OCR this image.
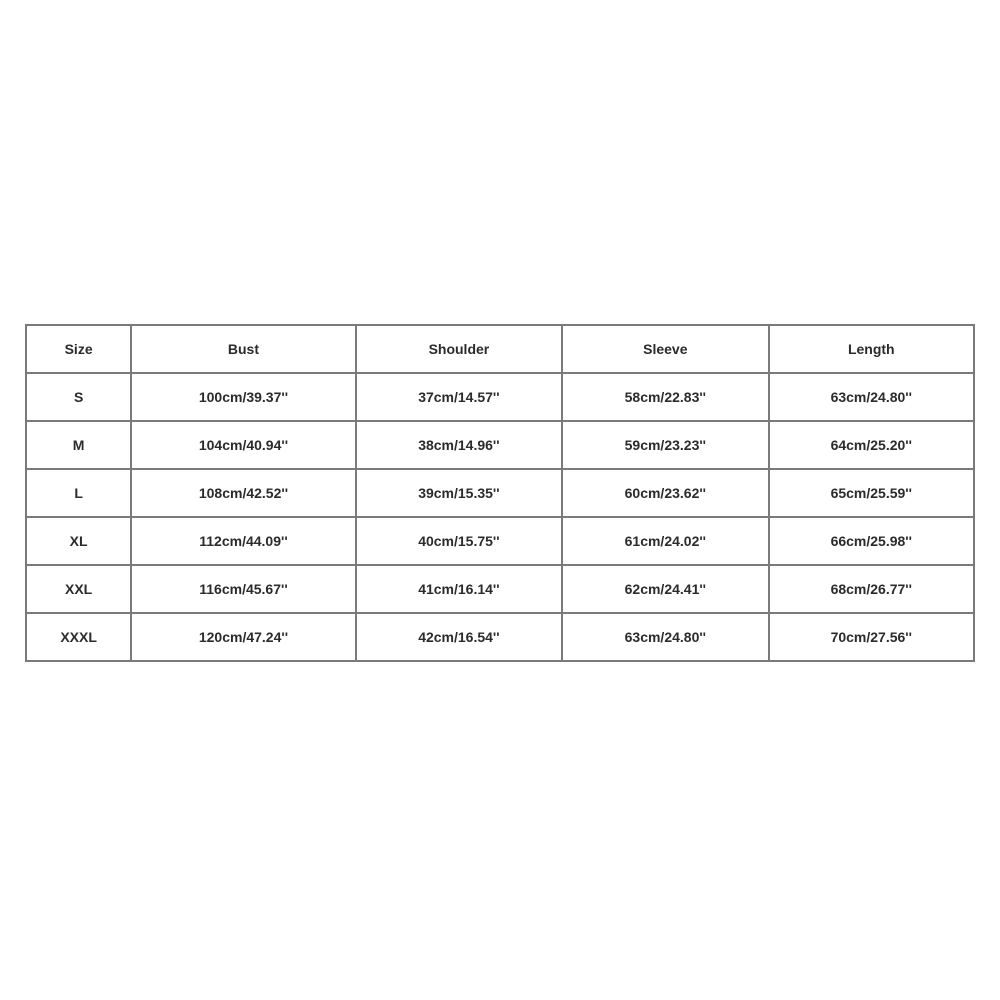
Size	Bust	Shoulder	Sleeve	Length
S	100cm/39.37''	37cm/14.57''	58cm/22.83''	63cm/24.80''
M	104cm/40.94''	38cm/14.96''	59cm/23.23''	64cm/25.20''
L	108cm/42.52''	39cm/15.35''	60cm/23.62''	65cm/25.59''
XL	112cm/44.09''	40cm/15.75''	61cm/24.02''	66cm/25.98''
XXL	116cm/45.67''	41cm/16.14''	62cm/24.41''	68cm/26.77''
XXXL	120cm/47.24''	42cm/16.54''	63cm/24.80''	70cm/27.56''
